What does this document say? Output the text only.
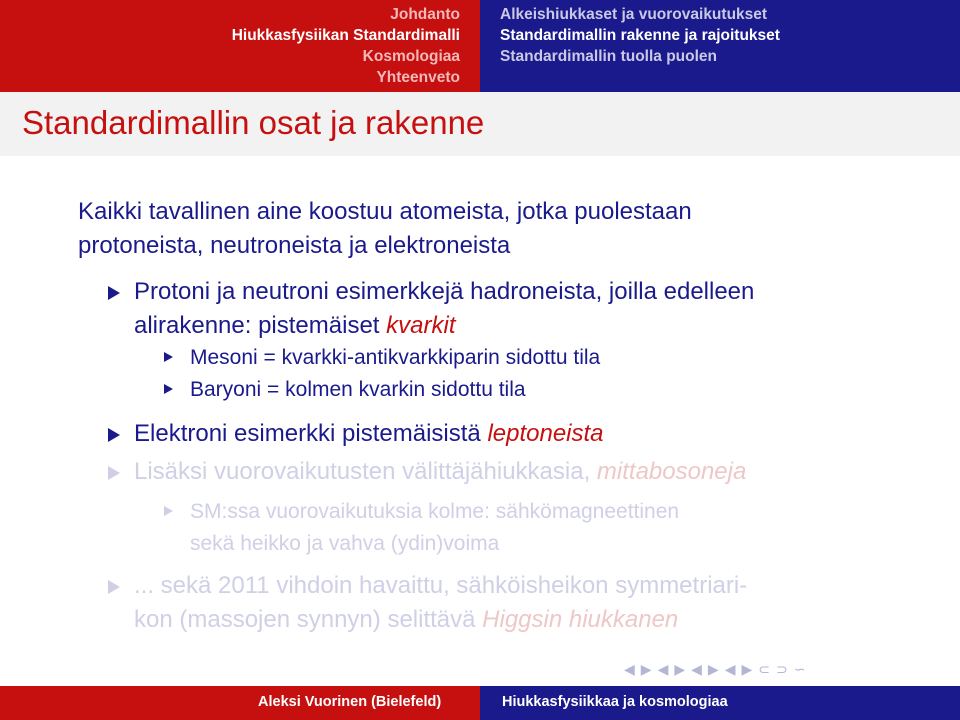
Johdanto
Hiukkasfysiikan Standardimalli
Kosmologiaa
Yhteenveto
Alkeishiukkaset ja vuorovaikutukset
Standardimallin rakenne ja rajoitukset
Standardimallin tuolla puolen
Standardimallin osat ja rakenne
Kaikki tavallinen aine koostuu atomeista, jotka puolestaan
protoneista, neutroneista ja elektroneista
Protoni ja neutroni esimerkkejä hadroneista, joilla edelleen
alirakenne: pistemäiset kvarkit
Mesoni = kvarkki-antikvarkkiparin sidottu tila
Baryoni = kolmen kvarkin sidottu tila
Elektroni esimerkki pistemäisistä leptoneista
Lisäksi vuorovaikutusten välittäjähiukkasia, mittabosoneja
SM:ssa vuorovaikutuksia kolme: sähkömagneettinen
sekä heikko ja vahva (ydin)voima
... sekä 2011 vihdoin havaittu, sähköisheikon symmetriari-
kon (massojen synnyn) selittävä Higgsin hiukkanen
◀ ▶ ◀ ▶ ◀ ▶ ◀ ▶ ⊂ ⊃ ∽
Aleksi Vuorinen (Bielefeld)	Hiukkasfysiikkaa ja kosmologiaa
